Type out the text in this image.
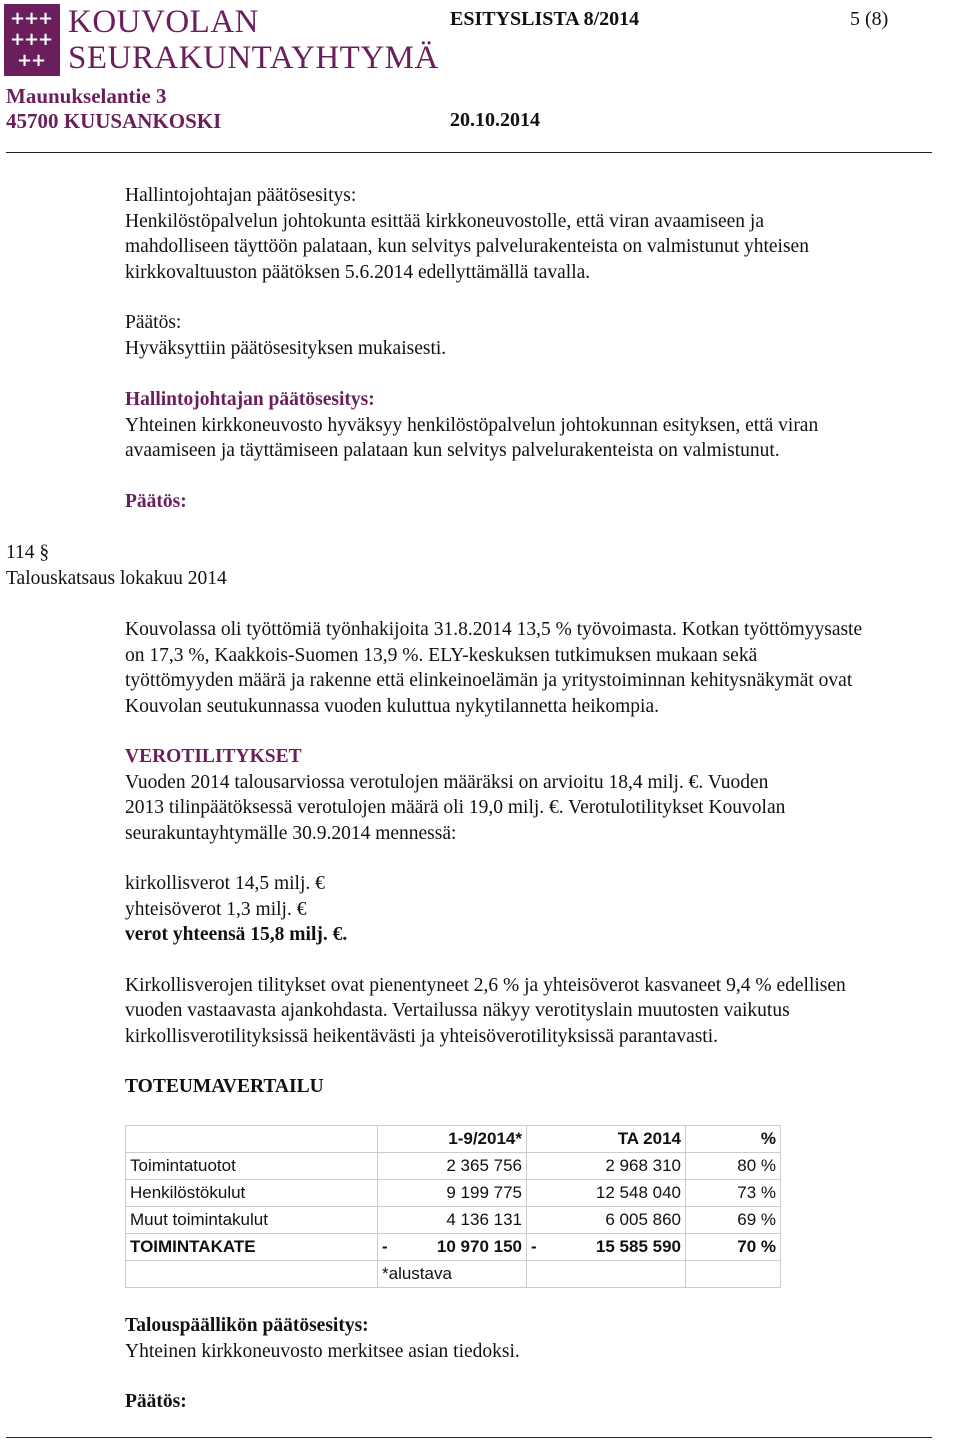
+
+
+
+
+
+
+
+
KOUVOLAN
SEURAKUNTAYHTYMÄ
ESITYSLISTA 8/2014	5 (8)
Maunukselantie 3
45700 KUUSANKOSKI	20.10.2014

Hallintojohtajan päätösesitys:

Henkilöstöpalvelun johtokunta esittää kirkkoneuvostolle, että viran avaamiseen ja

mahdolliseen täyttöön palataan, kun selvitys palvelurakenteista on valmistunut yhteisen

kirkkovaltuuston päätöksen 5.6.2014 edellyttämällä tavalla.

Päätös:

Hyväksyttiin päätösesityksen mukaisesti.

Hallintojohtajan päätösesitys:

Yhteinen kirkkoneuvosto hyväksyy henkilöstöpalvelun johtokunnan esityksen, että viran

avaamiseen ja täyttämiseen palataan kun selvitys palvelurakenteista on valmistunut.

Päätös:

114 §
Talouskatsaus lokakuu 2014

Kouvolassa oli työttömiä työnhakijoita 31.8.2014 13,5 % työvoimasta. Kotkan työttömyysaste

on 17,3 %, Kaakkois-Suomen 13,9 %. ELY-keskuksen tutkimuksen mukaan sekä

työttömyyden määrä ja rakenne että elinkeinoelämän ja yritystoiminnan kehitysnäkymät ovat

Kouvolan seutukunnassa vuoden kuluttua nykytilannetta heikompia.

VEROTILITYKSET

Vuoden 2014 talousarviossa verotulojen määräksi on arvioitu 18,4 milj. €. Vuoden

2013 tilinpäätöksessä verotulojen määrä oli 19,0 milj. €. Verotulotilitykset Kouvolan

seurakuntayhtymälle 30.9.2014 mennessä:

kirkollisverot 14,5 milj. €

yhteisöverot 1,3 milj. €

verot yhteensä 15,8 milj. €.

Kirkollisverojen tilitykset ovat pienentyneet 2,6 % ja yhteisöverot kasvaneet 9,4 % edellisen

vuoden vastaavasta ajankohdasta. Vertailussa näkyy verotityslain muutosten vaikutus

kirkollisverotilityksissä heikentävästi ja yhteisöverotilityksissä parantavasti.

TOTEUMAVERTAILU
	1-9/2014*	TA 2014	%
Toimintatuotot	2 365 756	2 968 310	80 %
Henkilöstökulut	9 199 775	12 548 040	73 %
Muut toimintakulut	4 136 131	6 005 860	69 %
TOIMINTAKATE	- 10 970 150	- 15 585 590	70 %
	*alustava		

Talouspäällikön päätösesitys:

Yhteinen kirkkoneuvosto merkitsee asian tiedoksi.

Päätös:
